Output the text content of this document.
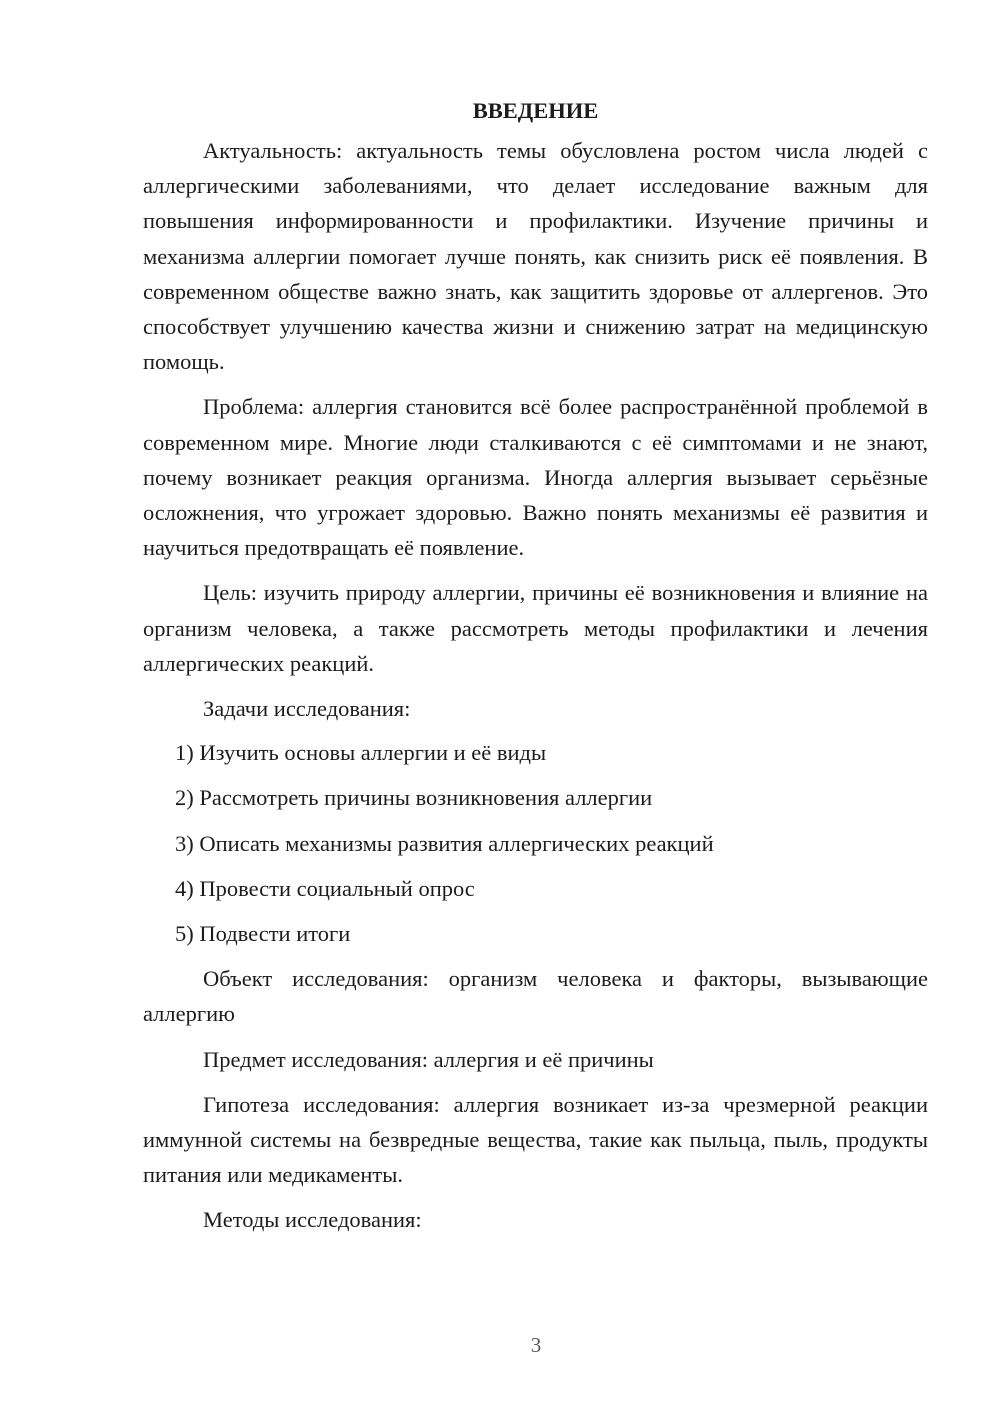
ВВЕДЕНИЕ

Актуальность: актуальность темы обусловлена ростом числа людей с аллергическими заболеваниями, что делает исследование важным для повышения информированности и профилактики. Изучение причины и механизма аллергии помогает лучше понять, как снизить риск её появления. В современном обществе важно знать, как защитить здоровье от аллергенов. Это способствует улучшению качества жизни и снижению затрат на медицинскую помощь.

Проблема: аллергия становится всё более распространённой проблемой в современном мире. Многие люди сталкиваются с её симптомами и не знают, почему возникает реакция организма. Иногда аллергия вызывает серьёзные осложнения, что угрожает здоровью. Важно понять механизмы её развития и научиться предотвращать её появление.

Цель: изучить природу аллергии, причины её возникновения и влияние на организм человека, а также рассмотреть методы профилактики и лечения аллергических реакций.

Задачи исследования:
1) Изучить основы аллергии и её виды
2) Рассмотреть причины возникновения аллергии
3) Описать механизмы развития аллергических реакций
4) Провести социальный опрос
5) Подвести итоги

Объект исследования: организм человека и факторы, вызывающие аллергию

Предмет исследования: аллергия и её причины

Гипотеза исследования: аллергия возникает из-за чрезмерной реакции иммунной системы на безвредные вещества, такие как пыльца, пыль, продукты питания или медикаменты.

Методы исследования:

3
